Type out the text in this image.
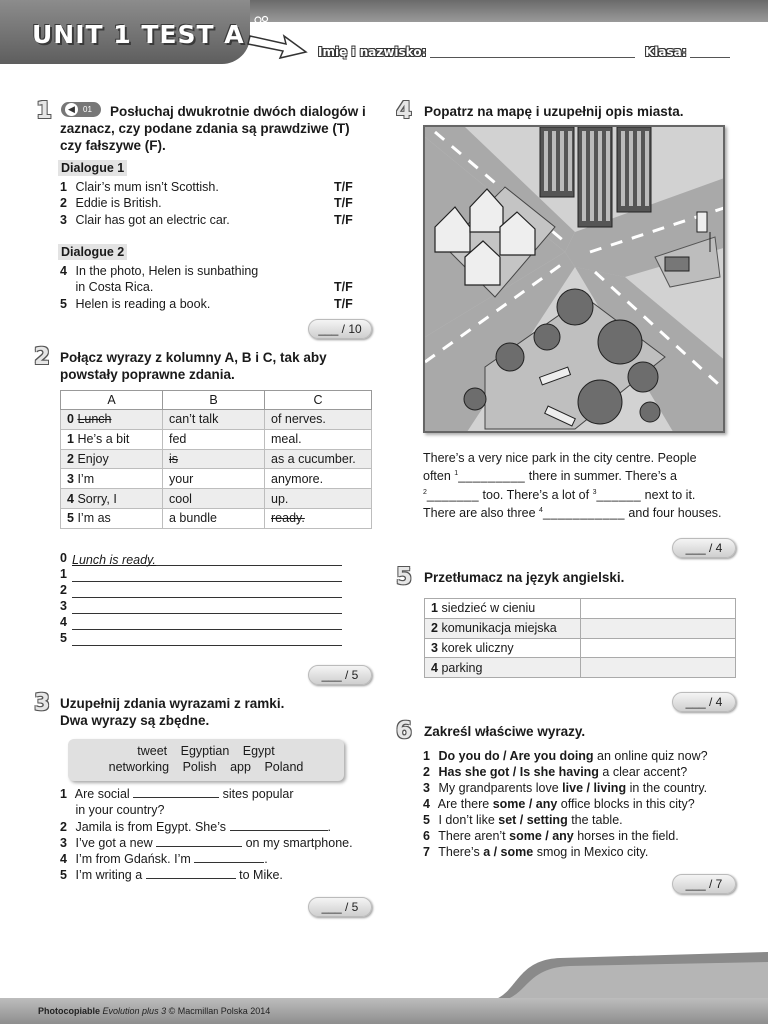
UNIT 1 TEST A
Imię i nazwisko:	Klasa:
1	◀	01	Posłuchaj dwukrotnie dwóch dialogów i zaznacz, czy podane zdania są prawdziwe (T) czy fałszywe (F).
Dialogue 1
1 Clair’s mum isn’t Scottish.	T/F
2 Eddie is British.	T/F
3 Clair has got an electric car.	T/F
Dialogue 2
4 In the photo, Helen is sunbathing
in Costa Rica.	T/F
5 Helen is reading a book.	T/F
___ / 10
2 Połącz wyrazy z kolumny A, B i C, tak aby powstały poprawne zdania.
A	B	C
0 Lunch	can’t talk	of nerves.
1 He’s a bit	fed	meal.
2 Enjoy	is	as a cucumber.
3 I’m	your	anymore.
4 Sorry, I	cool	up.
5 I’m as	a bundle	ready.
0 Lunch is ready.
1
2
3
4
5
___ / 5
3 Uzupełnij zdania wyrazami z ramki.
Dwa wyrazy są zbędne.
tweet Egyptian Egypt
networking Polish app Poland
1 Are social	sites popular
in your country?
2 Jamila is from Egypt. She’s	.
3 I’ve got a new	on my smartphone.
4 I’m from Gdańsk. I’m	.
5 I’m writing a	to Mike.
___ / 5
4 Popatrz na mapę i uzupełnij opis miasta.
There’s a very nice park in the city centre. People often $^1$_________ there in summer. There’s a $^2$_______ too. There’s a lot of $^3$______ next to it. There are also three $^4$___________ and four houses.
___ / 4
5 Przetłumacz na język angielski.
1 siedzieć w cieniu	
2 komunikacja miejska	
3 korek uliczny	
4 parking	
___ / 4
6 Zakreśl właściwe wyrazy.
1 Do you do / Are you doing an online quiz now?
2 Has she got / Is she having a clear accent?
3 My grandparents love live / living in the country.
4 Are there some / any office blocks in this city?
5 I don’t like set / setting the table.
6 There aren’t some / any horses in the field.
7 There’s a / some smog in Mexico city.
___ / 7
Photocopiable Evolution plus 3 © Macmillan Polska 2014
